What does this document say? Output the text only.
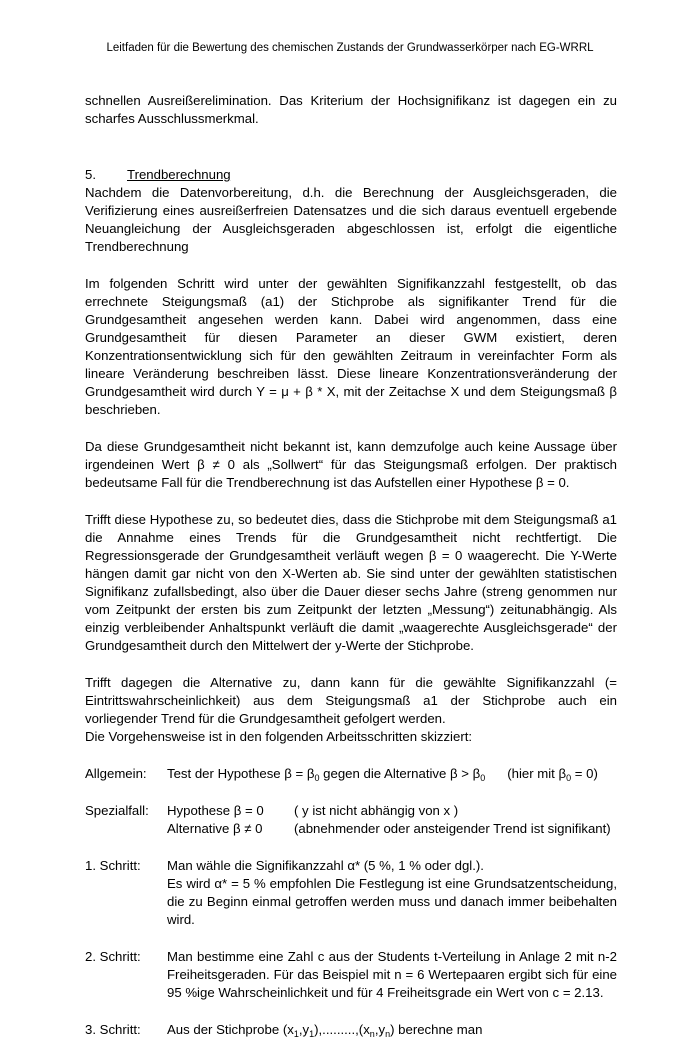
Leitfaden für die Bewertung des chemischen Zustands der Grundwasserkörper nach EG-WRRL

schnellen Ausreißerelimination. Das Kriterium der Hochsignifikanz ist dagegen ein zu scharfes Ausschlussmerkmal.

5.	Trendberechnung

Nachdem die Datenvorbereitung, d.h. die Berechnung der Ausgleichsgeraden, die Verifizierung eines ausreißerfreien Datensatzes und die sich daraus eventuell ergebende Neuangleichung der Ausgleichsgeraden abgeschlossen ist, erfolgt die eigentliche Trendberechnung

Im folgenden Schritt wird unter der gewählten Signifikanzzahl festgestellt, ob das errechnete Steigungsmaß (a1) der Stichprobe als signifikanter Trend für die Grundgesamtheit angesehen werden kann. Dabei wird angenommen, dass eine Grundgesamtheit für diesen Parameter an dieser GWM existiert, deren Konzentrationsentwicklung sich für den gewählten Zeitraum in vereinfachter Form als lineare Veränderung beschreiben lässt. Diese lineare Konzentrationsveränderung der Grundgesamtheit wird durch Y = μ + β * X, mit der Zeitachse X und dem Steigungsmaß β beschrieben.

Da diese Grundgesamtheit nicht bekannt ist, kann demzufolge auch keine Aussage über irgendeinen Wert β ≠ 0 als „Sollwert“ für das Steigungsmaß erfolgen. Der praktisch bedeutsame Fall für die Trendberechnung ist das Aufstellen einer Hypothese β = 0.

Trifft diese Hypothese zu, so bedeutet dies, dass die Stichprobe mit dem Steigungsmaß a1 die Annahme eines Trends für die Grundgesamtheit nicht rechtfertigt. Die Regressionsgerade der Grundgesamtheit verläuft wegen β = 0 waagerecht. Die Y-Werte hängen damit gar nicht von den X-Werten ab. Sie sind unter der gewählten statistischen Signifikanz zufallsbedingt, also über die Dauer dieser sechs Jahre (streng genommen nur vom Zeitpunkt der ersten bis zum Zeitpunkt der letzten „Messung“) zeitunabhängig. Als einzig verbleibender Anhaltspunkt verläuft die damit „waagerechte Ausgleichsgerade“ der Grundgesamtheit durch den Mittelwert der y-Werte der Stichprobe.

Trifft dagegen die Alternative zu, dann kann für die gewählte Signifikanzzahl (= Eintrittswahrscheinlichkeit) aus dem Steigungsmaß a1 der Stichprobe auch ein vorliegender Trend für die Grundgesamtheit gefolgert werden.

Die Vorgehensweise ist in den folgenden Arbeitsschritten skizziert:

Allgemein:	Test der Hypothese $\beta = \beta_0$ gegen die Alternative $\beta > \beta_0$ (hier mit $\beta_0 = 0$)
Spezialfall:	Hypothese β = 0	( y ist nicht abhängig von x )
Alternative β ≠ 0	(abnehmender oder ansteigender Trend ist signifikant)
1. Schritt:	Man wähle die Signifikanzzahl α* (5 %, 1 % oder dgl.).

Es wird α* = 5 % empfohlen Die Festlegung ist eine Grundsatzentscheidung, die zu Beginn einmal getroffen werden muss und danach immer beibehalten wird.

2. Schritt:	Man bestimme eine Zahl c aus der Students t-Verteilung in Anlage 2 mit n-2 Freiheitsgeraden. Für das Beispiel mit n = 6 Wertepaaren ergibt sich für eine 95 %ige Wahrscheinlichkeit und für 4 Freiheitsgrade ein Wert von c = 2.13.

3. Schritt:	Aus der Stichprobe $(x_1,y_1),.........,(x_n,y_n)$ berechne man
